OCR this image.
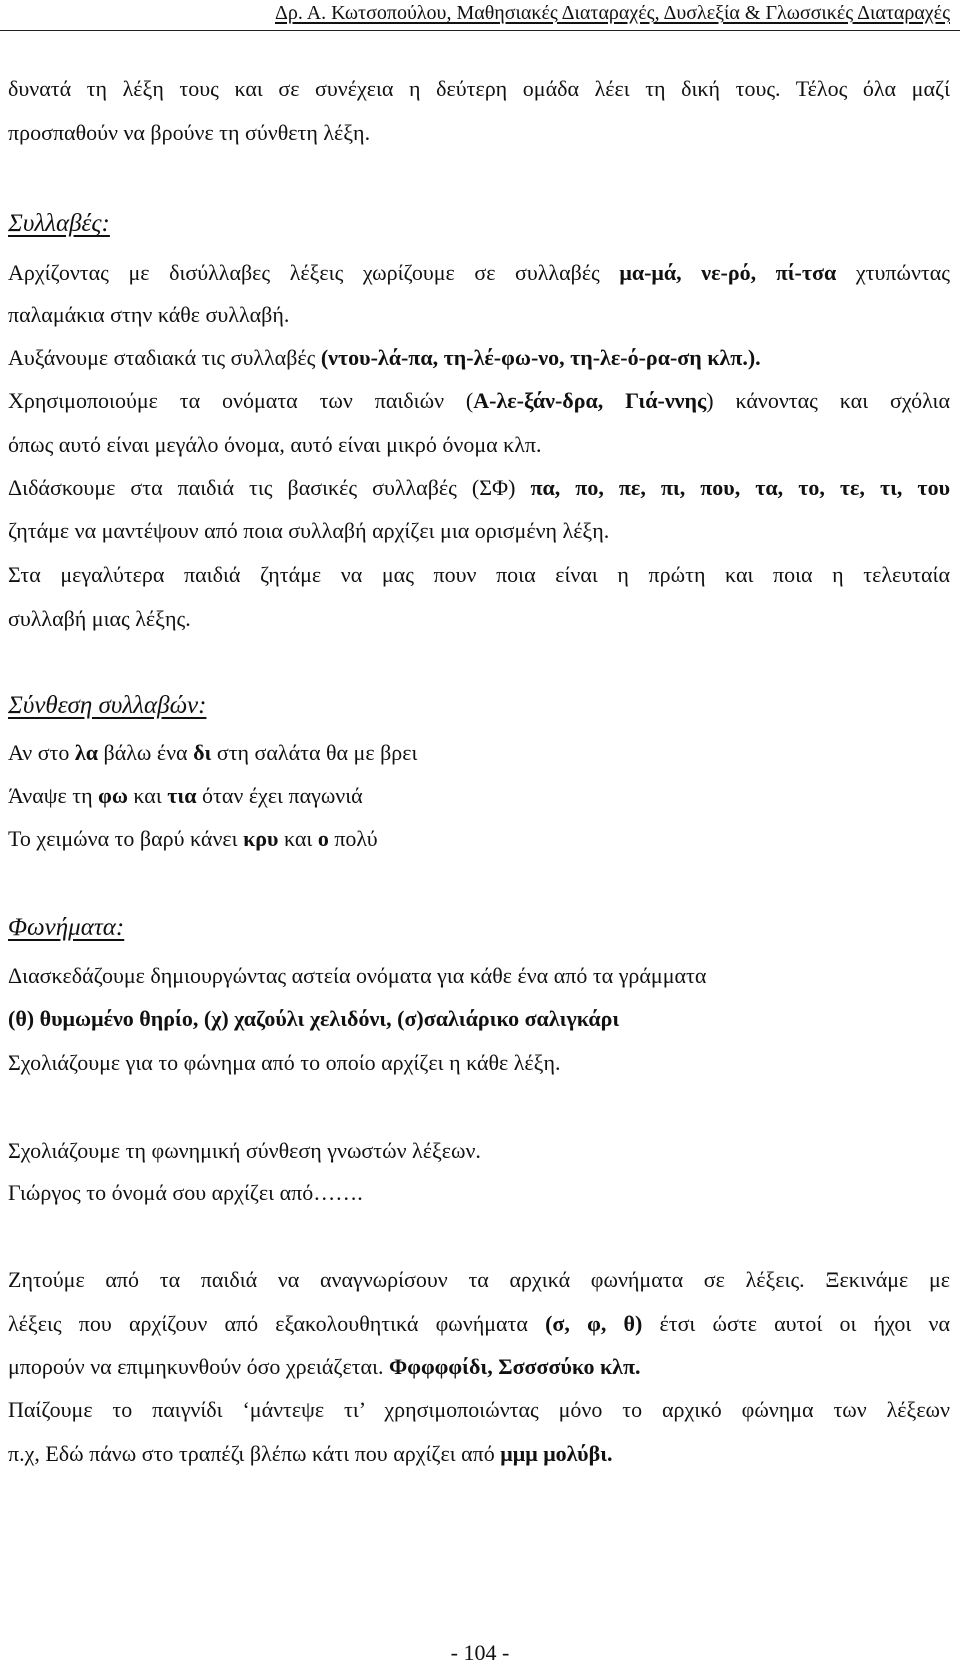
Δρ. Α. Κωτσοπούλου, Μαθησιακές Διαταραχές, Δυσλεξία & Γλωσσικές Διαταραχές
δυνατά τη λέξη τους και σε συνέχεια η δεύτερη ομάδα λέει τη δική τους. Τέλος όλα μαζί
προσπαθούν να βρούνε τη σύνθετη λέξη.
Συλλαβές:
Αρχίζοντας με δισύλλαβες λέξεις χωρίζουμε σε συλλαβές μα-μά, νε-ρό, πί-τσα χτυπώντας
παλαμάκια στην κάθε συλλαβή.
Αυξάνουμε σταδιακά τις συλλαβές (ντου-λά-πα, τη-λέ-φω-νο, τη-λε-ό-ρα-ση κλπ.).
Χρησιμοποιούμε τα ονόματα των παιδιών (Α-λε-ξάν-δρα, Γιά-ννης) κάνοντας και σχόλια
όπως αυτό είναι μεγάλο όνομα, αυτό είναι μικρό όνομα κλπ.
Διδάσκουμε στα παιδιά τις βασικές συλλαβές (ΣΦ) πα, πο, πε, πι, που, τα, το, τε, τι, του
ζητάμε να μαντέψουν από ποια συλλαβή αρχίζει μια ορισμένη λέξη.
Στα μεγαλύτερα παιδιά ζητάμε να μας πουν ποια είναι η πρώτη και ποια η τελευταία
συλλαβή μιας λέξης.
Σύνθεση συλλαβών:
Αν στο λα βάλω ένα δι στη σαλάτα θα με βρει
Άναψε τη φω και τια όταν έχει παγωνιά
Το χειμώνα το βαρύ κάνει κρυ και ο πολύ
Φωνήματα:
Διασκεδάζουμε δημιουργώντας αστεία ονόματα για κάθε ένα από τα γράμματα
(θ) θυμωμένο θηρίο, (χ) χαζούλι χελιδόνι, (σ)σαλιάρικο σαλιγκάρι
Σχολιάζουμε για το φώνημα από το οποίο αρχίζει η κάθε λέξη.
Σχολιάζουμε τη φωνημική σύνθεση γνωστών λέξεων.
Γιώργος το όνομά σου αρχίζει από…….
Ζητούμε από τα παιδιά να αναγνωρίσουν τα αρχικά φωνήματα σε λέξεις. Ξεκινάμε με
λέξεις που αρχίζουν από εξακολουθητικά φωνήματα (σ, φ, θ) έτσι ώστε αυτοί οι ήχοι να
μπορούν να επιμηκυνθούν όσο χρειάζεται. Φφφφφίδι, Σσσσσύκο κλπ.
Παίζουμε το παιγνίδι ‘μάντεψε τι’ χρησιμοποιώντας μόνο το αρχικό φώνημα των λέξεων
π.χ, Εδώ πάνω στο τραπέζι βλέπω κάτι που αρχίζει από μμμ μολύβι.
- 104 -
